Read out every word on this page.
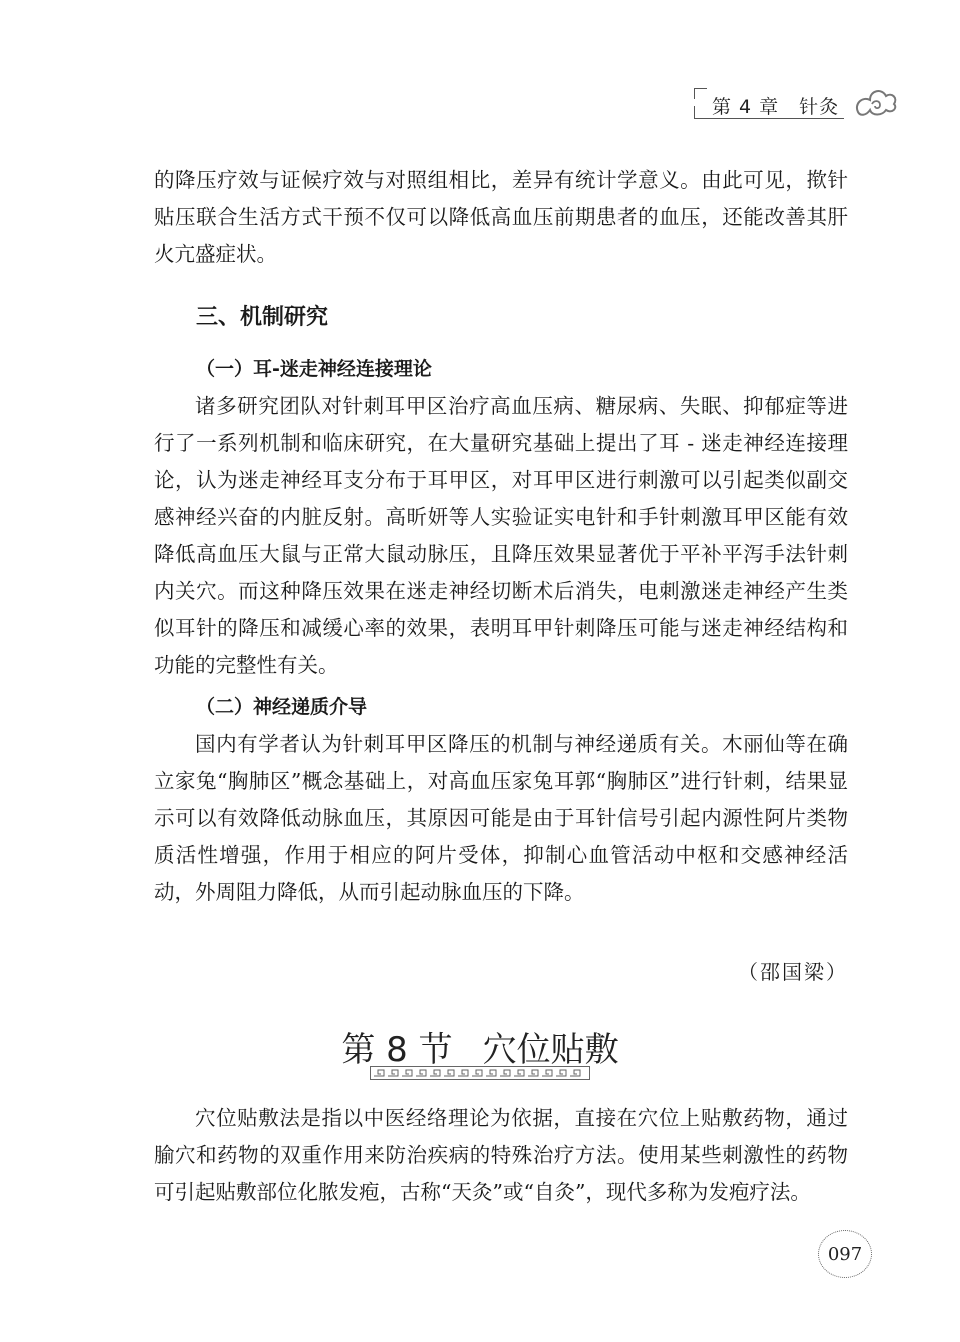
第 4 章　针灸

的降压疗效与证候疗效与对照组相比，差异有统计学意义。由此可见，揿针贴压联合生活方式干预不仅可以降低高血压前期患者的血压，还能改善其肝火亢盛症状。

三、机制研究
（一）耳-迷走神经连接理论

诸多研究团队对针刺耳甲区治疗高血压病、糖尿病、失眠、抑郁症等进行了一系列机制和临床研究，在大量研究基础上提出了耳 - 迷走神经连接理论，认为迷走神经耳支分布于耳甲区，对耳甲区进行刺激可以引起类似副交感神经兴奋的内脏反射。高昕妍等人实验证实电针和手针刺激耳甲区能有效降低高血压大鼠与正常大鼠动脉压，且降压效果显著优于平补平泻手法针刺内关穴。而这种降压效果在迷走神经切断术后消失，电刺激迷走神经产生类似耳针的降压和减缓心率的效果，表明耳甲针刺降压可能与迷走神经结构和功能的完整性有关。

（二）神经递质介导

国内有学者认为针刺耳甲区降压的机制与神经递质有关。木丽仙等在确立家兔“胸肺区”概念基础上，对高血压家兔耳郭“胸肺区”进行针刺，结果显示可以有效降低动脉血压，其原因可能是由于耳针信号引起内源性阿片类物质活性增强，作用于相应的阿片受体，抑制心血管活动中枢和交感神经活动，外周阻力降低，从而引起动脉血压的下降。

（邵国梁）
第 8 节 穴位贴敷

穴位贴敷法是指以中医经络理论为依据，直接在穴位上贴敷药物，通过腧穴和药物的双重作用来防治疾病的特殊治疗方法。使用某些刺激性的药物可引起贴敷部位化脓发疱，古称“天灸”或“自灸”，现代多称为发疱疗法。

097
